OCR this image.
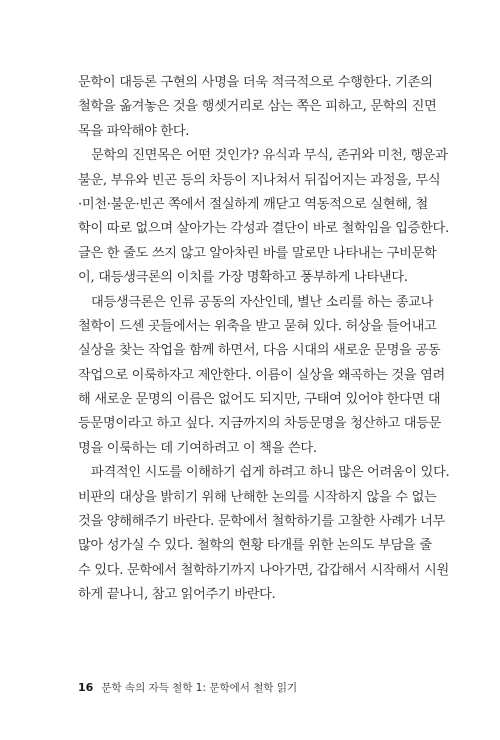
문학이 대등론 구현의 사명을 더욱 적극적으로 수행한다. 기존의
철학을 옮겨놓은 것을 행셋거리로 삼는 쪽은 피하고, 문학의 진면
목을 파악해야 한다.
문학의 진면목은 어떤 것인가? 유식과 무식, 존귀와 미천, 행운과
불운, 부유와 빈곤 등의 차등이 지나쳐서 뒤집어지는 과정을, 무식
·미천·불운·빈곤 쪽에서 절실하게 깨닫고 역동적으로 실현해, 철
학이 따로 없으며 살아가는 각성과 결단이 바로 철학임을 입증한다.
글은 한 줄도 쓰지 않고 알아차린 바를 말로만 나타내는 구비문학
이, 대등생극론의 이치를 가장 명확하고 풍부하게 나타낸다.
대등생극론은 인류 공동의 자산인데, 별난 소리를 하는 종교나
철학이 드센 곳들에서는 위축을 받고 묻혀 있다. 허상을 들어내고
실상을 찾는 작업을 함께 하면서, 다음 시대의 새로운 문명을 공동
작업으로 이룩하자고 제안한다. 이름이 실상을 왜곡하는 것을 염려
해 새로운 문명의 이름은 없어도 되지만, 구태여 있어야 한다면 대
등문명이라고 하고 싶다. 지금까지의 차등문명을 청산하고 대등문
명을 이룩하는 데 기여하려고 이 책을 쓴다.
파격적인 시도를 이해하기 쉽게 하려고 하니 많은 어려움이 있다.
비판의 대상을 밝히기 위해 난해한 논의를 시작하지 않을 수 없는
것을 양해해주기 바란다. 문학에서 철학하기를 고찰한 사례가 너무
많아 성가실 수 있다. 철학의 현황 타개를 위한 논의도 부담을 줄
수 있다. 문학에서 철학하기까지 나아가면, 갑갑해서 시작해서 시원
하게 끝나니, 참고 읽어주기 바란다.
16 문학 속의 자득 철학 1: 문학에서 철학 읽기
